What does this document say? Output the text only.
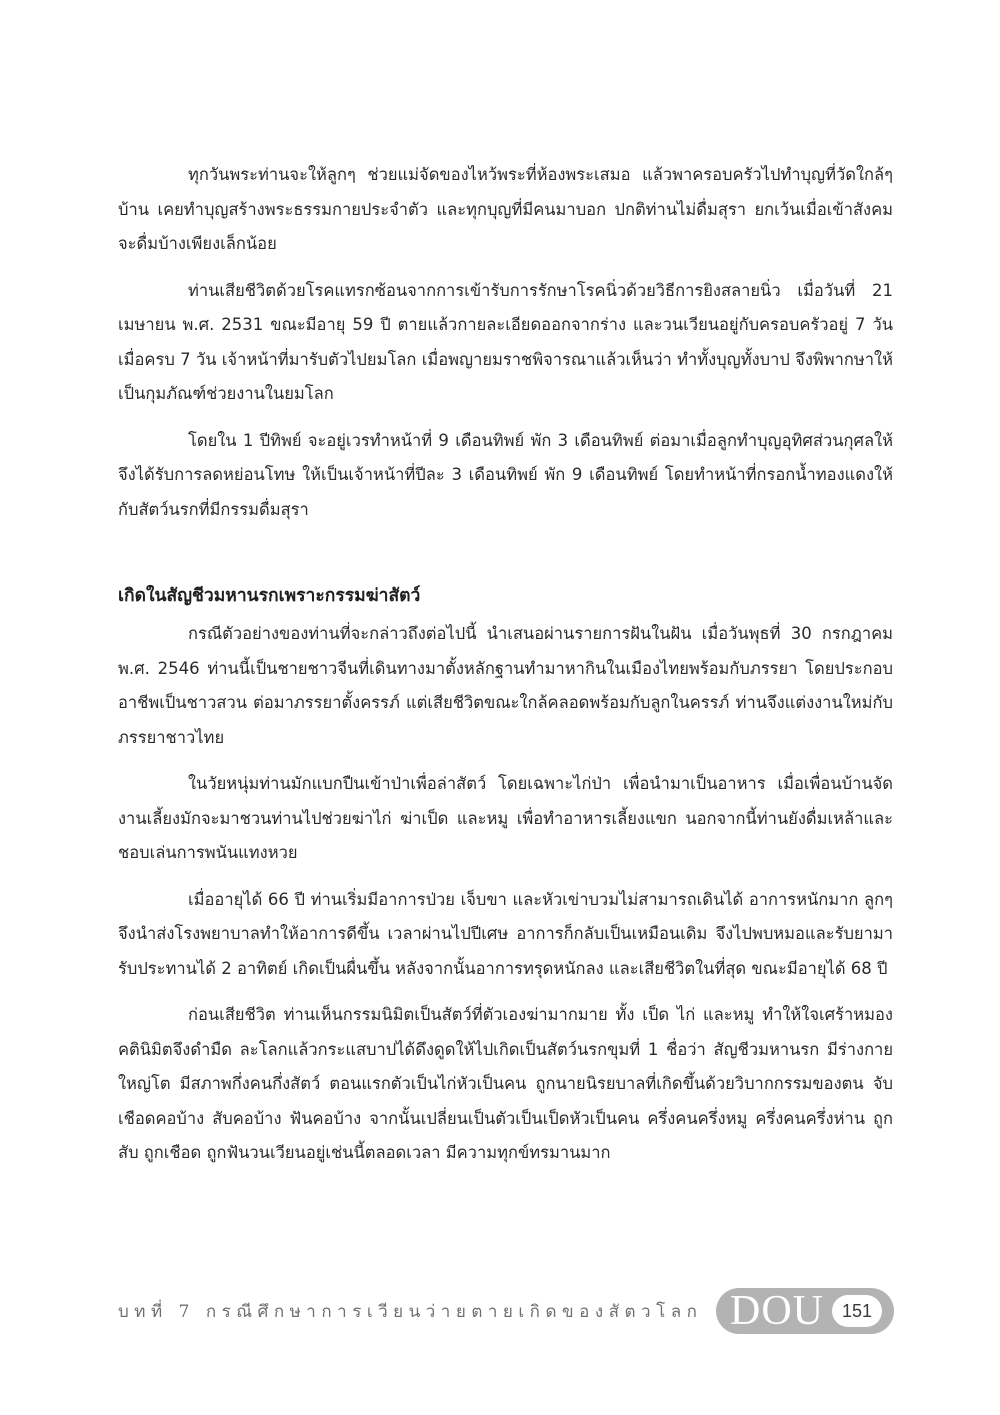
ทุกวันพระท่านจะให้ลูกๆ ช่วยแม่จัดของไหว้พระที่ห้องพระเสมอ แล้วพาครอบครัวไปทำบุญที่วัดใกล้ๆ บ้าน เคยทำบุญสร้างพระธรรมกายประจำตัว และทุกบุญที่มีคนมาบอก ปกติท่านไม่ดื่มสุรา ยกเว้นเมื่อเข้าสังคมจะดื่มบ้างเพียงเล็กน้อย

ท่านเสียชีวิตด้วยโรคแทรกซ้อนจากการเข้ารับการรักษาโรคนิ่วด้วยวิธีการยิงสลายนิ่ว เมื่อวันที่ 21 เมษายน พ.ศ. 2531 ขณะมีอายุ 59 ปี ตายแล้วกายละเอียดออกจากร่าง และวนเวียนอยู่กับครอบครัวอยู่ 7 วัน เมื่อครบ 7 วัน เจ้าหน้าที่มารับตัวไปยมโลก เมื่อพญายมราชพิจารณาแล้วเห็นว่า ทำทั้งบุญทั้งบาป จึงพิพากษาให้เป็นกุมภัณฑ์ช่วยงานในยมโลก

โดยใน 1 ปีทิพย์ จะอยู่เวรทำหน้าที่ 9 เดือนทิพย์ พัก 3 เดือนทิพย์ ต่อมาเมื่อลูกทำบุญอุทิศส่วนกุศลให้ จึงได้รับการลดหย่อนโทษ ให้เป็นเจ้าหน้าที่ปีละ 3 เดือนทิพย์ พัก 9 เดือนทิพย์ โดยทำหน้าที่กรอกน้ำทองแดงให้กับสัตว์นรกที่มีกรรมดื่มสุรา

เกิดในสัญชีวมหานรกเพราะกรรมฆ่าสัตว์

กรณีตัวอย่างของท่านที่จะกล่าวถึงต่อไปนี้ นำเสนอผ่านรายการฝันในฝัน เมื่อวันพุธที่ 30 กรกฎาคม พ.ศ. 2546 ท่านนี้เป็นชายชาวจีนที่เดินทางมาตั้งหลักฐานทำมาหากินในเมืองไทยพร้อมกับภรรยา โดยประกอบอาชีพเป็นชาวสวน ต่อมาภรรยาตั้งครรภ์ แต่เสียชีวิตขณะใกล้คลอดพร้อมกับลูกในครรภ์ ท่านจึงแต่งงานใหม่กับภรรยาชาวไทย

ในวัยหนุ่มท่านมักแบกปืนเข้าป่าเพื่อล่าสัตว์ โดยเฉพาะไก่ป่า เพื่อนำมาเป็นอาหาร เมื่อเพื่อนบ้านจัดงานเลี้ยงมักจะมาชวนท่านไปช่วยฆ่าไก่ ฆ่าเป็ด และหมู เพื่อทำอาหารเลี้ยงแขก นอกจากนี้ท่านยังดื่มเหล้าและชอบเล่นการพนันแทงหวย

เมื่ออายุได้ 66 ปี ท่านเริ่มมีอาการป่วย เจ็บขา และหัวเข่าบวมไม่สามารถเดินได้ อาการหนักมาก ลูกๆ จึงนำส่งโรงพยาบาลทำให้อาการดีขึ้น เวลาผ่านไปปีเศษ อาการก็กลับเป็นเหมือนเดิม จึงไปพบหมอและรับยามารับประทานได้ 2 อาทิตย์ เกิดเป็นผื่นขึ้น หลังจากนั้นอาการทรุดหนักลง และเสียชีวิตในที่สุด ขณะมีอายุได้ 68 ปี

ก่อนเสียชีวิต ท่านเห็นกรรมนิมิตเป็นสัตว์ที่ตัวเองฆ่ามากมาย ทั้ง เป็ด ไก่ และหมู ทำให้ใจเศร้าหมอง คตินิมิตจึงดำมืด ละโลกแล้วกระแสบาปได้ดึงดูดให้ไปเกิดเป็นสัตว์นรกขุมที่ 1 ชื่อว่า สัญชีวมหานรก มีร่างกายใหญ่โต มีสภาพกึ่งคนกึ่งสัตว์ ตอนแรกตัวเป็นไก่หัวเป็นคน ถูกนายนิรยบาลที่เกิดขึ้นด้วยวิบากกรรมของตน จับเชือดคอบ้าง สับคอบ้าง ฟันคอบ้าง จากนั้นเปลี่ยนเป็นตัวเป็นเป็ดหัวเป็นคน ครึ่งคนครึ่งหมู ครึ่งคนครึ่งห่าน ถูกสับ ถูกเชือด ถูกฟันวนเวียนอยู่เช่นนี้ตลอดเวลา มีความทุกข์ทรมานมาก

บทที่ 7 กรณีศึกษาการเวียนว่ายตายเกิดของสัตวโลก DOU 151
